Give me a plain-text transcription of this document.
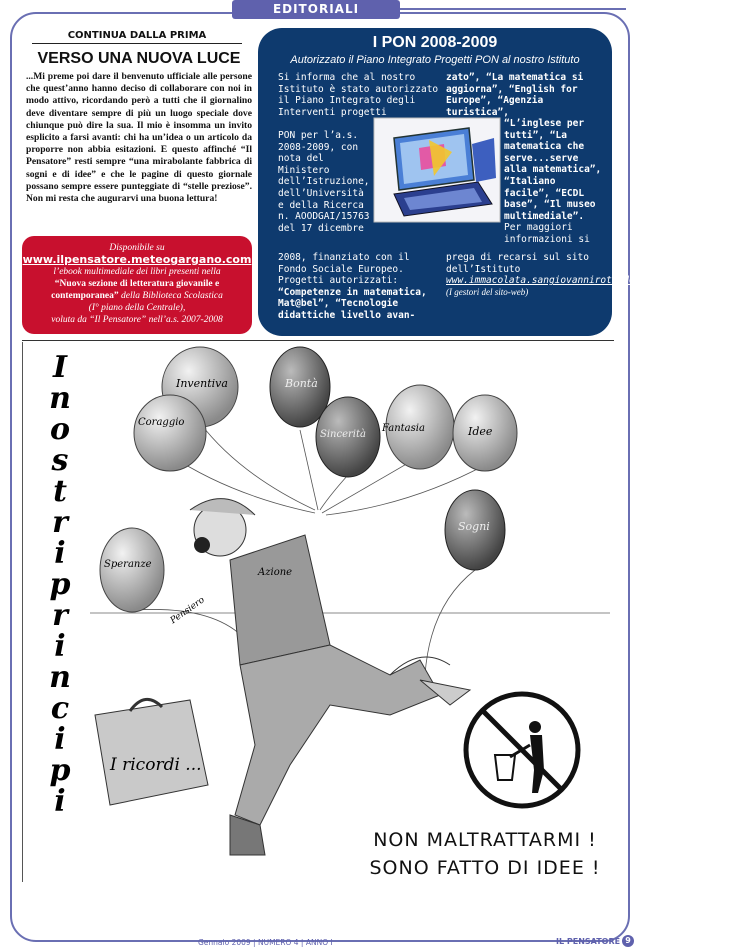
EDITORIALI
CONTINUA DALLA PRIMA
VERSO UNA NUOVA LUCE
...Mi preme poi dare il benvenuto ufficiale alle persone che quest’anno hanno deciso di collaborare con noi in modo attivo, ricordando però a tutti che il giornalino deve diventare sempre di più un luogo speciale dove chiunque può dire la sua. Il mio è insomma un invito esplicito a farsi avanti: chi ha un’idea o un articolo da proporre non abbia esitazioni. E questo affinché “Il Pensatore” resti sempre “una mirabolante fabbrica di sogni e di idee” e che le pagine di questo giornale possano sempre essere punteggiate di “stelle preziose”. Non mi resta che augurarvi una buona lettura!
Disponibile su
www.ilpensatore.meteogargano.com
l’ebook multimediale dei libri presenti nella
“Nuova sezione di letteratura giovanile e contemporanea” della Biblioteca Scolastica
(I° piano della Centrale),
voluta da “Il Pensatore” nell’a.s. 2007-2008
I PON 2008-2009
Autorizzato il Piano Integrato Progetti PON al nostro Istituto
Si informa che al nostro Istituto è stato autorizzato il Piano Integrato degli Interventi progetti
PON per l’a.s. 2008-2009, con nota del Ministero dell’Istruzione, dell’Università e della Ricerca n. AOODGAI/15763 del 17 dicembre
2008, finanziato con il Fondo Sociale Europeo. Progetti autorizzati: “Competenze in matematica, Mat@bel”, “Tecnologie didattiche livello avan-
zato”, “La matematica si aggiorna”, “English for Europe”, “Agenzia turistica”,
“L’inglese per tutti”, “La matematica che serve...serve alla matematica”, “Italiano facile”, “ECDL base”, “Il museo multimediale”. Per maggiori informazioni si
prega di recarsi sul sito dell’Istituto www.immacolata.sangiovannirotondo.scuolaeservizi.com
(I gestori del sito-web)
I
n
o
s
t
r
i
p
r
i
n
c
i
p
i
Inventiva
Coraggio
Bontà
Sincerità
Fantasia	Idee
Sogni
Speranze
Azione
Pensiero
I ricordi ...
NON MALTRATTARMI !
SONO FATTO DI IDEE !
Gennaio 2009 | NUMERO 4 | ANNO I	IL PENSATORE 9
